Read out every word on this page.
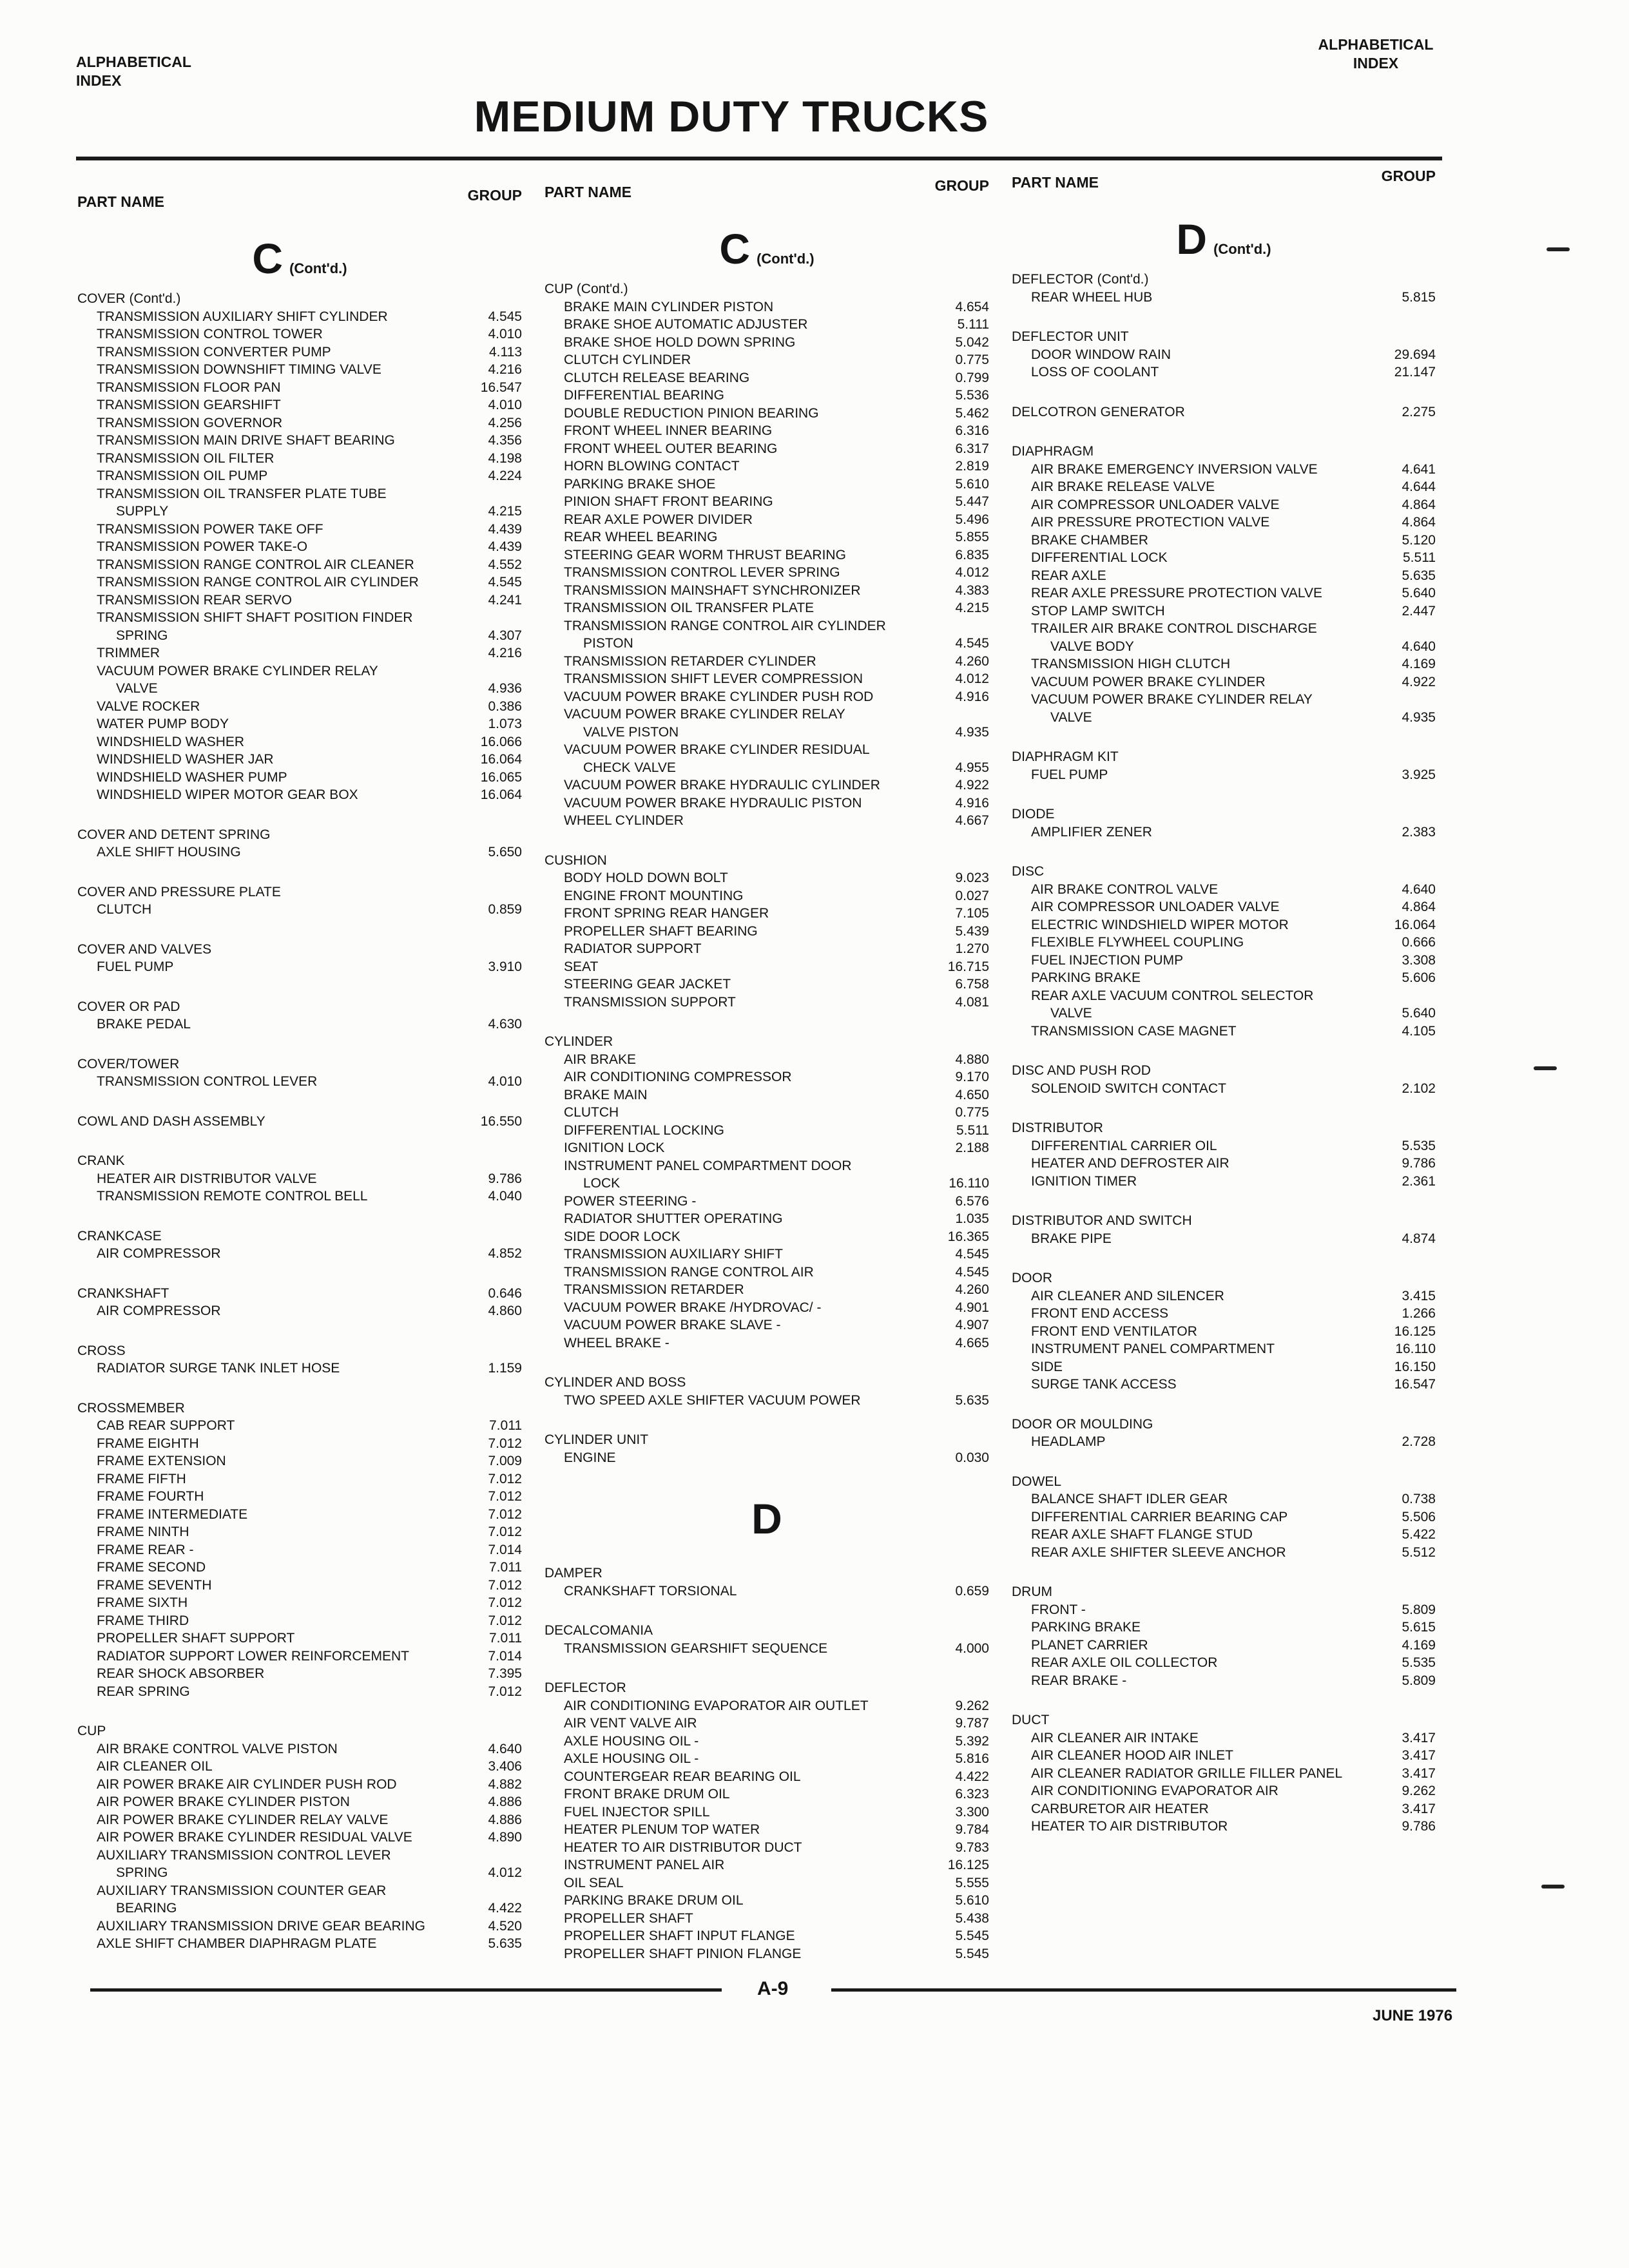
ALPHABETICAL
INDEX
ALPHABETICAL
INDEX
MEDIUM DUTY TRUCKS
PART NAME	GROUP
C (Cont'd.)
COVER (Cont'd.)
TRANSMISSION AUXILIARY SHIFT CYLINDER	4.545
TRANSMISSION CONTROL TOWER	4.010
TRANSMISSION CONVERTER PUMP	4.113
TRANSMISSION DOWNSHIFT TIMING VALVE	4.216
TRANSMISSION FLOOR PAN	16.547
TRANSMISSION GEARSHIFT	4.010
TRANSMISSION GOVERNOR	4.256
TRANSMISSION MAIN DRIVE SHAFT BEARING	4.356
TRANSMISSION OIL FILTER	4.198
TRANSMISSION OIL PUMP	4.224
TRANSMISSION OIL TRANSFER PLATE TUBE
SUPPLY	4.215
TRANSMISSION POWER TAKE OFF	4.439
TRANSMISSION POWER TAKE-O	4.439
TRANSMISSION RANGE CONTROL AIR CLEANER	4.552
TRANSMISSION RANGE CONTROL AIR CYLINDER	4.545
TRANSMISSION REAR SERVO	4.241
TRANSMISSION SHIFT SHAFT POSITION FINDER
SPRING	4.307
TRIMMER	4.216
VACUUM POWER BRAKE CYLINDER RELAY
VALVE	4.936
VALVE ROCKER	0.386
WATER PUMP BODY	1.073
WINDSHIELD WASHER	16.066
WINDSHIELD WASHER JAR	16.064
WINDSHIELD WASHER PUMP	16.065
WINDSHIELD WIPER MOTOR GEAR BOX	16.064
COVER AND DETENT SPRING
AXLE SHIFT HOUSING	5.650
COVER AND PRESSURE PLATE
CLUTCH	0.859
COVER AND VALVES
FUEL PUMP	3.910
COVER OR PAD
BRAKE PEDAL	4.630
COVER/TOWER
TRANSMISSION CONTROL LEVER	4.010
COWL AND DASH ASSEMBLY	16.550
CRANK
HEATER AIR DISTRIBUTOR VALVE	9.786
TRANSMISSION REMOTE CONTROL BELL	4.040
CRANKCASE
AIR COMPRESSOR	4.852
CRANKSHAFT	0.646
AIR COMPRESSOR	4.860
CROSS
RADIATOR SURGE TANK INLET HOSE	1.159
CROSSMEMBER
CAB REAR SUPPORT	7.011
FRAME EIGHTH	7.012
FRAME EXTENSION	7.009
FRAME FIFTH	7.012
FRAME FOURTH	7.012
FRAME INTERMEDIATE	7.012
FRAME NINTH	7.012
FRAME REAR -	7.014
FRAME SECOND	7.011
FRAME SEVENTH	7.012
FRAME SIXTH	7.012
FRAME THIRD	7.012
PROPELLER SHAFT SUPPORT	7.011
RADIATOR SUPPORT LOWER REINFORCEMENT	7.014
REAR SHOCK ABSORBER	7.395
REAR SPRING	7.012
CUP
AIR BRAKE CONTROL VALVE PISTON	4.640
AIR CLEANER OIL	3.406
AIR POWER BRAKE AIR CYLINDER PUSH ROD	4.882
AIR POWER BRAKE CYLINDER PISTON	4.886
AIR POWER BRAKE CYLINDER RELAY VALVE	4.886
AIR POWER BRAKE CYLINDER RESIDUAL VALVE	4.890
AUXILIARY TRANSMISSION CONTROL LEVER
SPRING	4.012
AUXILIARY TRANSMISSION COUNTER GEAR
BEARING	4.422
AUXILIARY TRANSMISSION DRIVE GEAR BEARING	4.520
AXLE SHIFT CHAMBER DIAPHRAGM PLATE	5.635
PART NAME	GROUP
C (Cont'd.)
CUP (Cont'd.)
BRAKE MAIN CYLINDER PISTON	4.654
BRAKE SHOE AUTOMATIC ADJUSTER	5.111
BRAKE SHOE HOLD DOWN SPRING	5.042
CLUTCH CYLINDER	0.775
CLUTCH RELEASE BEARING	0.799
DIFFERENTIAL BEARING	5.536
DOUBLE REDUCTION PINION BEARING	5.462
FRONT WHEEL INNER BEARING	6.316
FRONT WHEEL OUTER BEARING	6.317
HORN BLOWING CONTACT	2.819
PARKING BRAKE SHOE	5.610
PINION SHAFT FRONT BEARING	5.447
REAR AXLE POWER DIVIDER	5.496
REAR WHEEL BEARING	5.855
STEERING GEAR WORM THRUST BEARING	6.835
TRANSMISSION CONTROL LEVER SPRING	4.012
TRANSMISSION MAINSHAFT SYNCHRONIZER	4.383
TRANSMISSION OIL TRANSFER PLATE	4.215
TRANSMISSION RANGE CONTROL AIR CYLINDER
PISTON	4.545
TRANSMISSION RETARDER CYLINDER	4.260
TRANSMISSION SHIFT LEVER COMPRESSION	4.012
VACUUM POWER BRAKE CYLINDER PUSH ROD	4.916
VACUUM POWER BRAKE CYLINDER RELAY
VALVE PISTON	4.935
VACUUM POWER BRAKE CYLINDER RESIDUAL
CHECK VALVE	4.955
VACUUM POWER BRAKE HYDRAULIC CYLINDER	4.922
VACUUM POWER BRAKE HYDRAULIC PISTON	4.916
WHEEL CYLINDER	4.667
CUSHION
BODY HOLD DOWN BOLT	9.023
ENGINE FRONT MOUNTING	0.027
FRONT SPRING REAR HANGER	7.105
PROPELLER SHAFT BEARING	5.439
RADIATOR SUPPORT	1.270
SEAT	16.715
STEERING GEAR JACKET	6.758
TRANSMISSION SUPPORT	4.081
CYLINDER
AIR BRAKE	4.880
AIR CONDITIONING COMPRESSOR	9.170
BRAKE MAIN	4.650
CLUTCH	0.775
DIFFERENTIAL LOCKING	5.511
IGNITION LOCK	2.188
INSTRUMENT PANEL COMPARTMENT DOOR
LOCK	16.110
POWER STEERING -	6.576
RADIATOR SHUTTER OPERATING	1.035
SIDE DOOR LOCK	16.365
TRANSMISSION AUXILIARY SHIFT	4.545
TRANSMISSION RANGE CONTROL AIR	4.545
TRANSMISSION RETARDER	4.260
VACUUM POWER BRAKE /HYDROVAC/ -	4.901
VACUUM POWER BRAKE SLAVE -	4.907
WHEEL BRAKE -	4.665
CYLINDER AND BOSS
TWO SPEED AXLE SHIFTER VACUUM POWER	5.635
CYLINDER UNIT
ENGINE	0.030
D
DAMPER
CRANKSHAFT TORSIONAL	0.659
DECALCOMANIA
TRANSMISSION GEARSHIFT SEQUENCE	4.000
DEFLECTOR
AIR CONDITIONING EVAPORATOR AIR OUTLET	9.262
AIR VENT VALVE AIR	9.787
AXLE HOUSING OIL -	5.392
AXLE HOUSING OIL -	5.816
COUNTERGEAR REAR BEARING OIL	4.422
FRONT BRAKE DRUM OIL	6.323
FUEL INJECTOR SPILL	3.300
HEATER PLENUM TOP WATER	9.784
HEATER TO AIR DISTRIBUTOR DUCT	9.783
INSTRUMENT PANEL AIR	16.125
OIL SEAL	5.555
PARKING BRAKE DRUM OIL	5.610
PROPELLER SHAFT	5.438
PROPELLER SHAFT INPUT FLANGE	5.545
PROPELLER SHAFT PINION FLANGE	5.545
PART NAME	GROUP
D (Cont'd.)
DEFLECTOR (Cont'd.)
REAR WHEEL HUB	5.815
DEFLECTOR UNIT
DOOR WINDOW RAIN	29.694
LOSS OF COOLANT	21.147
DELCOTRON GENERATOR	2.275
DIAPHRAGM
AIR BRAKE EMERGENCY INVERSION VALVE	4.641
AIR BRAKE RELEASE VALVE	4.644
AIR COMPRESSOR UNLOADER VALVE	4.864
AIR PRESSURE PROTECTION VALVE	4.864
BRAKE CHAMBER	5.120
DIFFERENTIAL LOCK	5.511
REAR AXLE	5.635
REAR AXLE PRESSURE PROTECTION VALVE	5.640
STOP LAMP SWITCH	2.447
TRAILER AIR BRAKE CONTROL DISCHARGE
VALVE BODY	4.640
TRANSMISSION HIGH CLUTCH	4.169
VACUUM POWER BRAKE CYLINDER	4.922
VACUUM POWER BRAKE CYLINDER RELAY
VALVE	4.935
DIAPHRAGM KIT
FUEL PUMP	3.925
DIODE
AMPLIFIER ZENER	2.383
DISC
AIR BRAKE CONTROL VALVE	4.640
AIR COMPRESSOR UNLOADER VALVE	4.864
ELECTRIC WINDSHIELD WIPER MOTOR	16.064
FLEXIBLE FLYWHEEL COUPLING	0.666
FUEL INJECTION PUMP	3.308
PARKING BRAKE	5.606
REAR AXLE VACUUM CONTROL SELECTOR
VALVE	5.640
TRANSMISSION CASE MAGNET	4.105
DISC AND PUSH ROD
SOLENOID SWITCH CONTACT	2.102
DISTRIBUTOR
DIFFERENTIAL CARRIER OIL	5.535
HEATER AND DEFROSTER AIR	9.786
IGNITION TIMER	2.361
DISTRIBUTOR AND SWITCH
BRAKE PIPE	4.874
DOOR
AIR CLEANER AND SILENCER	3.415
FRONT END ACCESS	1.266
FRONT END VENTILATOR	16.125
INSTRUMENT PANEL COMPARTMENT	16.110
SIDE	16.150
SURGE TANK ACCESS	16.547
DOOR OR MOULDING
HEADLAMP	2.728
DOWEL
BALANCE SHAFT IDLER GEAR	0.738
DIFFERENTIAL CARRIER BEARING CAP	5.506
REAR AXLE SHAFT FLANGE STUD	5.422
REAR AXLE SHIFTER SLEEVE ANCHOR	5.512
DRUM
FRONT -	5.809
PARKING BRAKE	5.615
PLANET CARRIER	4.169
REAR AXLE OIL COLLECTOR	5.535
REAR BRAKE -	5.809
DUCT
AIR CLEANER AIR INTAKE	3.417
AIR CLEANER HOOD AIR INLET	3.417
AIR CLEANER RADIATOR GRILLE FILLER PANEL	3.417
AIR CONDITIONING EVAPORATOR AIR	9.262
CARBURETOR AIR HEATER	3.417
HEATER TO AIR DISTRIBUTOR	9.786
A-9
JUNE 1976
